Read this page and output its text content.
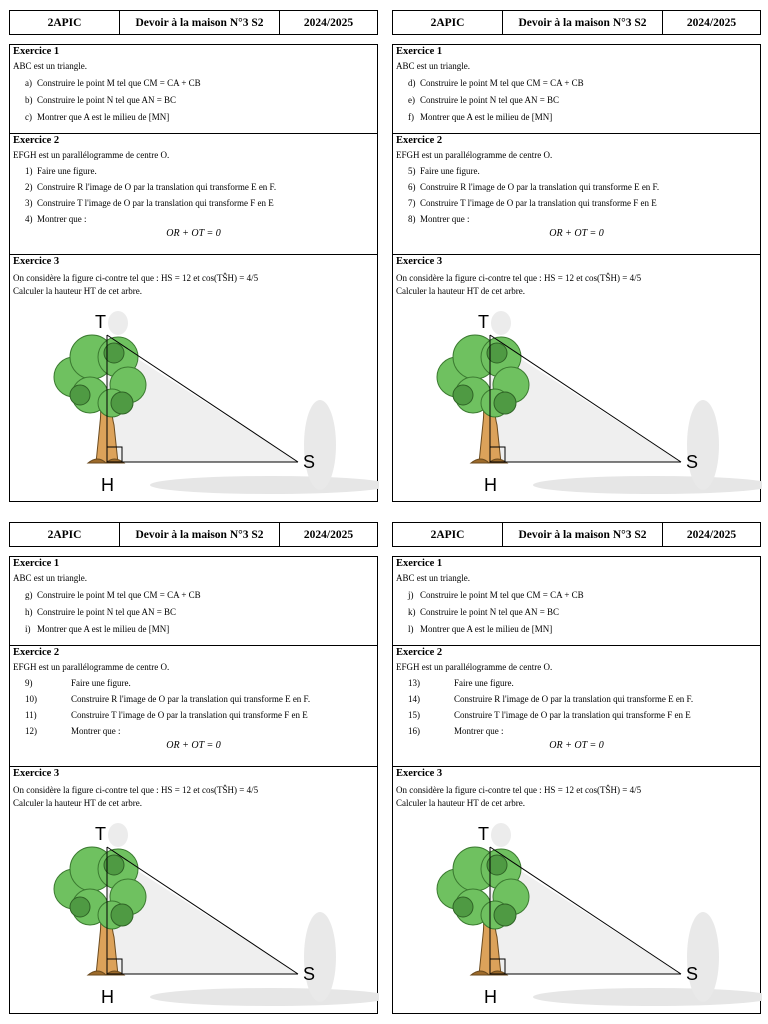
2APIC	Devoir à la maison N°3 S2	2024/2025
Exercice 1
ABC est un triangle.
a) Construire le point M tel que CM = CA + CB
b) Construire le point N tel que AN = BC
c) Montrer que A est le milieu de [MN]
Exercice 2
EFGH est un parallélogramme de centre O.
1) Faire une figure.
2) Construire R l'image de O par la translation qui transforme E en F.
3) Construire T l'image de O par la translation qui transforme F en E
4) Montrer que :
OR + OT = 0
Exercice 3
On considère la figure ci-contre tel que : HS = 12 et cos(TŜH) = 4/5
Calculer la hauteur HT de cet arbre.
T
H
S
2APIC	Devoir à la maison N°3 S2	2024/2025
Exercice 1
ABC est un triangle.
d) Construire le point M tel que CM = CA + CB
e) Construire le point N tel que AN = BC
f) Montrer que A est le milieu de [MN]
Exercice 2
EFGH est un parallélogramme de centre O.
5) Faire une figure.
6) Construire R l'image de O par la translation qui transforme E en F.
7) Construire T l'image de O par la translation qui transforme F en E
8) Montrer que :
OR + OT = 0
Exercice 3
On considère la figure ci-contre tel que : HS = 12 et cos(TŜH) = 4/5
Calculer la hauteur HT de cet arbre.
T
H
S
2APIC	Devoir à la maison N°3 S2	2024/2025
Exercice 1
ABC est un triangle.
g) Construire le point M tel que CM = CA + CB
h) Construire le point N tel que AN = BC
i) Montrer que A est le milieu de [MN]
Exercice 2
EFGH est un parallélogramme de centre O.
9)	Faire une figure.
10)	Construire R l'image de O par la translation qui transforme E en F.
11)	Construire T l'image de O par la translation qui transforme F en E
12)	Montrer que :
OR + OT = 0
Exercice 3
On considère la figure ci-contre tel que : HS = 12 et cos(TŜH) = 4/5
Calculer la hauteur HT de cet arbre.
T
H
S
2APIC	Devoir à la maison N°3 S2	2024/2025
Exercice 1
ABC est un triangle.
j) Construire le point M tel que CM = CA + CB
k) Construire le point N tel que AN = BC
l) Montrer que A est le milieu de [MN]
Exercice 2
EFGH est un parallélogramme de centre O.
13)	Faire une figure.
14)	Construire R l'image de O par la translation qui transforme E en F.
15)	Construire T l'image de O par la translation qui transforme F en E
16)	Montrer que :
OR + OT = 0
Exercice 3
On considère la figure ci-contre tel que : HS = 12 et cos(TŜH) = 4/5
Calculer la hauteur HT de cet arbre.
T
H
S
